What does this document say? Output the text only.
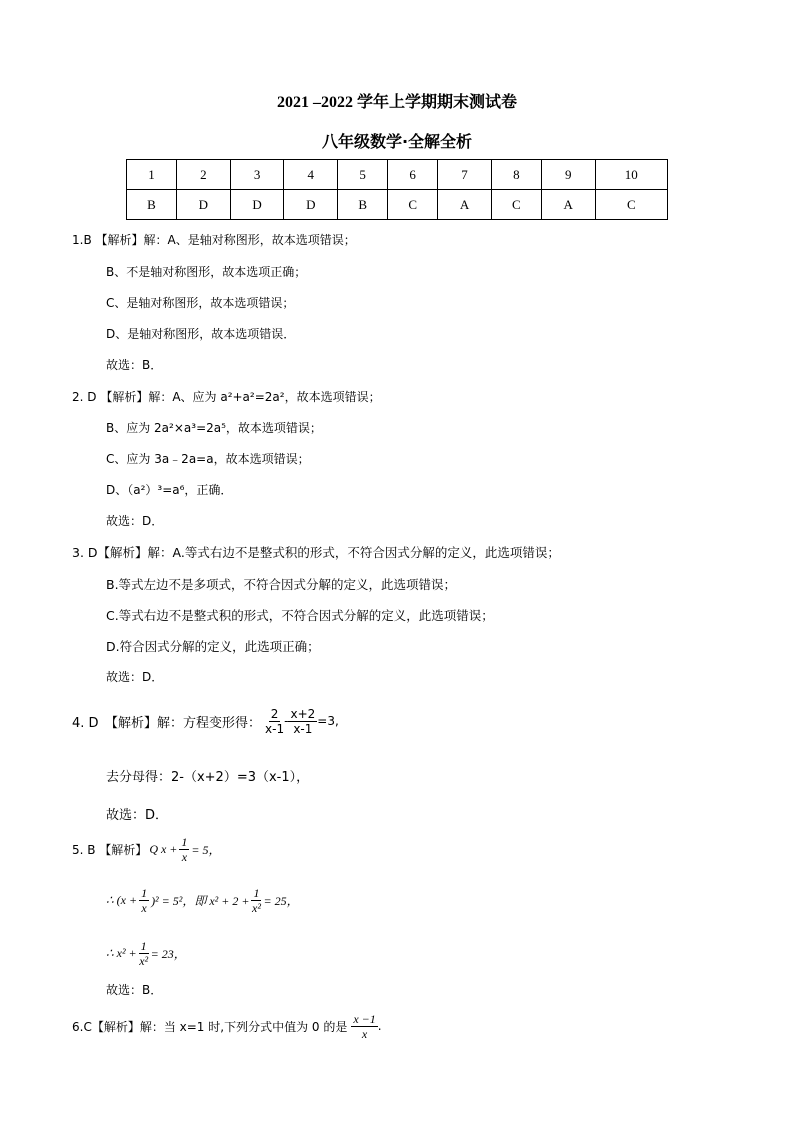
2021 –2022 学年上学期期末测试卷
八年级数学·全解全析
1	2	3	4	5	6	7	8	9	10
B	D	D	D	B	C	A	C	A	C
1.B 【解析】解：A、是轴对称图形，故本选项错误；
B、不是轴对称图形，故本选项正确；
C、是轴对称图形，故本选项错误；
D、是轴对称图形，故本选项错误．
故选：B．
2. D 【解析】解：A、应为 a²+a²=2a²，故本选项错误；
B、应为 2a²×a³=2a⁵，故本选项错误；
C、应为 3a﹣2a=a，故本选项错误；
D、（a²）³=a⁶，正确．
故选：D．
3. D【解析】解：A.等式右边不是整式积的形式，不符合因式分解的定义，此选项错误；
B.等式左边不是多项式，不符合因式分解的定义，此选项错误；
C.等式右边不是整式积的形式，不符合因式分解的定义，此选项错误；
D.符合因式分解的定义，此选项正确；
故选：D．
4. D　【解析】解：方程变形得： $\frac{2}{x-1} - \frac{x+2}{x-1} =3$,
去分母得：2-（x+2）=3（x-1），
故选：D．
5. B 【解析】 Q $x + \frac{1}{x} = 5$，
∴ $(x + \frac{1}{x} )^2 = 5^2$，即 $x^2 + 2 + \frac{1}{\text{x²}} = 25$，
∴ $x^2 + \frac{1}{\text{x²}} = 23$，
故选：B．
6.C【解析】解：当 x=1 时,下列分式中值为 0 的是 $\frac{x -1}{x}$ .
